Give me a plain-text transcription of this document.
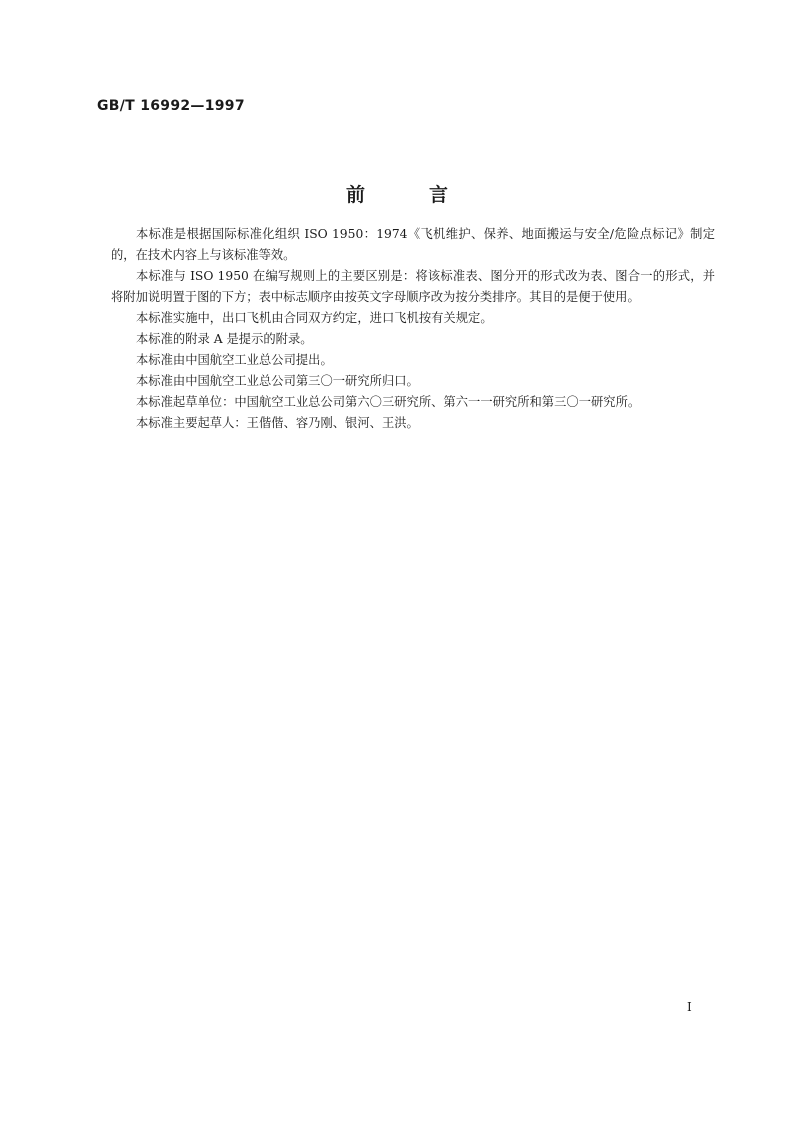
GB/T 16992—1997
前	言

本标准是根据国际标准化组织 ISO 1950：1974《飞机维护、保养、地面搬运与安全/危险点标记》制定的，在技术内容上与该标准等效。

本标准与 ISO 1950 在编写规则上的主要区别是：将该标准表、图分开的形式改为表、图合一的形式，并将附加说明置于图的下方；表中标志顺序由按英文字母顺序改为按分类排序。其目的是便于使用。

本标准实施中，出口飞机由合同双方约定，进口飞机按有关规定。

本标准的附录 A 是提示的附录。

本标准由中国航空工业总公司提出。

本标准由中国航空工业总公司第三〇一研究所归口。

本标准起草单位：中国航空工业总公司第六〇三研究所、第六一一研究所和第三〇一研究所。

本标准主要起草人：王偕偕、容乃刚、银河、王洪。

I
